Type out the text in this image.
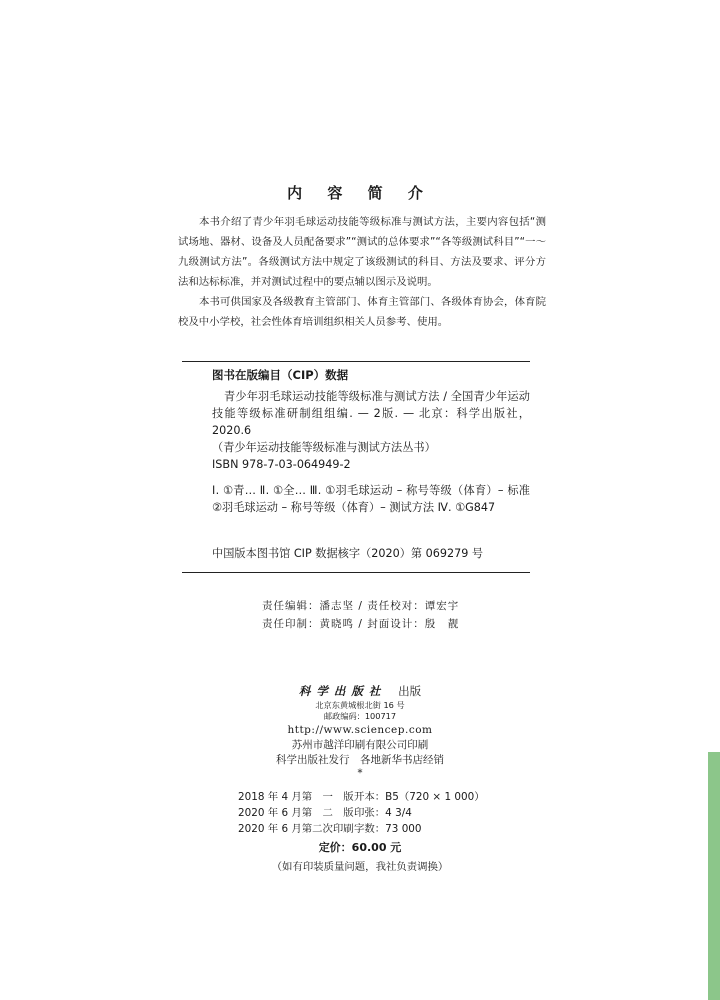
内 容 简 介

本书介绍了青少年羽毛球运动技能等级标准与测试方法，主要内容包括“测试场地、器材、设备及人员配备要求”“测试的总体要求”“各等级测试科目”“一～九级测试方法”。各级测试方法中规定了该级测试的科目、方法及要求、评分方法和达标标准，并对测试过程中的要点辅以图示及说明。

本书可供国家及各级教育主管部门、体育主管部门、各级体育协会，体育院校及中小学校，社会性体育培训组织相关人员参考、使用。

图书在版编目（CIP）数据

青少年羽毛球运动技能等级标准与测试方法 / 全国青少年运动技能等级标准研制组组编. — 2版. — 北京：科学出版社，2020.6

（青少年运动技能等级标准与测试方法丛书）

ISBN 978-7-03-064949-2

Ⅰ. ①青… Ⅱ. ①全… Ⅲ. ①羽毛球运动 – 称号等级（体育）– 标准 ②羽毛球运动 – 称号等级（体育）– 测试方法 Ⅳ. ①G847

中国版本图书馆 CIP 数据核字（2020）第 069279 号
责任编辑：潘志坚 / 责任校对：谭宏宇
责任印制：黄晓鸣 / 封面设计：殷　靓
科学出版社 出版
北京东黄城根北街 16 号
邮政编码：100717
http://www.sciencep.com
苏州市越洋印刷有限公司印刷
科学出版社发行　各地新华书店经销
*
2018 年 4 月第　一　版开本：B5（720 × 1 000）
2020 年 6 月第　二　版印张：4 3/4
2020 年 6 月第二次印刷字数：73 000
定价：60.00 元
（如有印装质量问题，我社负责调换）
